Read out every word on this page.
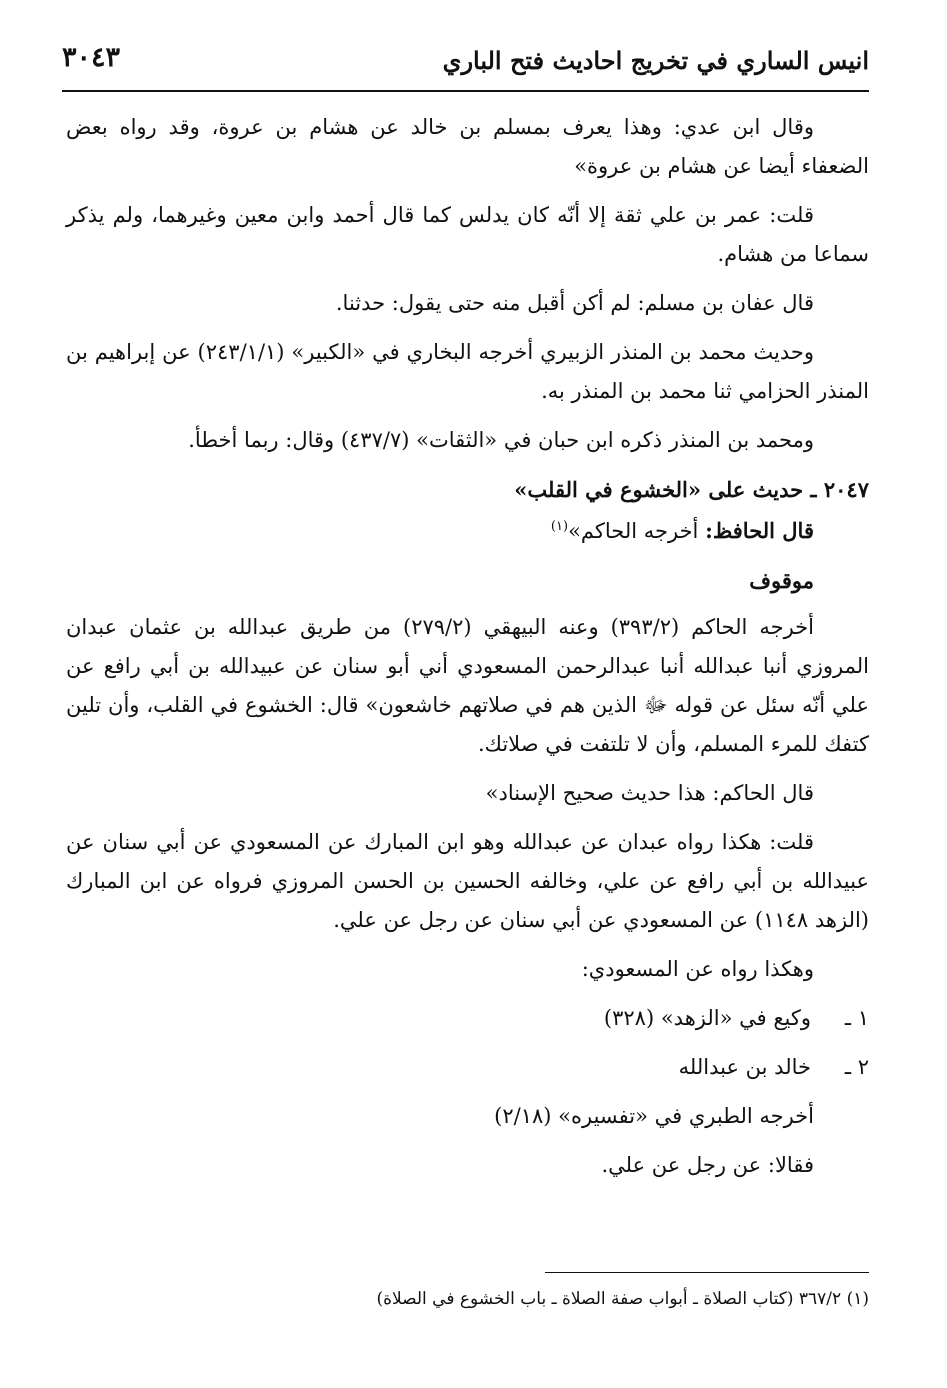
انيس الساري في تخريج احاديث فتح الباري
٣٠٤٣

وقال ابن عدي: وهذا يعرف بمسلم بن خالد عن هشام بن عروة، وقد رواه بعض الضعفاء أيضا عن هشام بن عروة»

قلت: عمر بن علي ثقة إلا أنّه كان يدلس كما قال أحمد وابن معين وغيرهما، ولم يذكر سماعا من هشام.

قال عفان بن مسلم: لم أكن أقبل منه حتى يقول: حدثنا.

وحديث محمد بن المنذر الزبيري أخرجه البخاري في «الكبير» (٢٤٣/١/١) عن إبراهيم بن المنذر الحزامي ثنا محمد بن المنذر به.

ومحمد بن المنذر ذكره ابن حبان في «الثقات» (٤٣٧/٧) وقال: ربما أخطأ.

٢٠٤٧ ـ حديث على «الخشوع في القلب»

قال الحافظ: أخرجه الحاكم»$^{(١)}$

موقوف

أخرجه الحاكم (٣٩٣/٢) وعنه البيهقي (٢٧٩/٢) من طريق عبدالله بن عثمان عبدان المروزي أنبا عبدالله أنبا عبدالرحمن المسعودي أني أبو سنان عن عبيدالله بن أبي رافع عن علي أنّه سئل عن قوله ﷻ الذين هم في صلاتهم خاشعون» قال: الخشوع في القلب، وأن تلين كتفك للمرء المسلم، وأن لا تلتفت في صلاتك.

قال الحاكم: هذا حديث صحيح الإسناد»

قلت: هكذا رواه عبدان عن عبدالله وهو ابن المبارك عن المسعودي عن أبي سنان عن عبيدالله بن أبي رافع عن علي، وخالفه الحسين بن الحسن المروزي فرواه عن ابن المبارك (الزهد ١١٤٨) عن المسعودي عن أبي سنان عن رجل عن علي.

وهكذا رواه عن المسعودي:

١ ـوكيع في «الزهد» (٣٢٨)
٢ ـخالد بن عبدالله

أخرجه الطبري في «تفسيره» (٢/١٨)

فقالا: عن رجل عن علي.

(١) ٣٦٧/٢ (كتاب الصلاة ـ أبواب صفة الصلاة ـ باب الخشوع في الصلاة)
